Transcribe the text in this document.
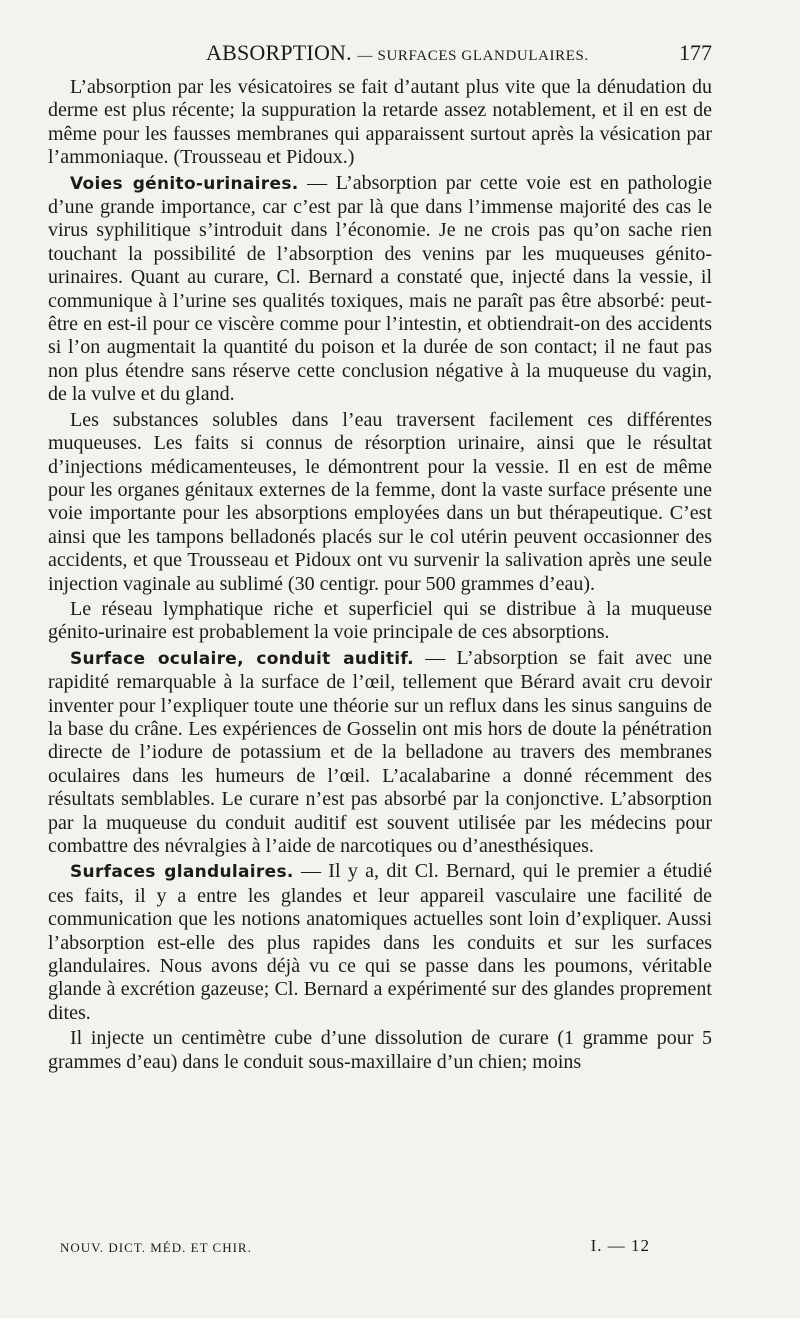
ABSORPTION. — SURFACES GLANDULAIRES.	177

L’absorption par les vésicatoires se fait d’autant plus vite que la dénudation du derme est plus récente; la suppuration la retarde assez notablement, et il en est de même pour les fausses membranes qui apparaissent surtout après la vésication par l’ammoniaque. (Trousseau et Pidoux.)

Voies génito-urinaires. — L’absorption par cette voie est en pathologie d’une grande importance, car c’est par là que dans l’immense majorité des cas le virus syphilitique s’introduit dans l’économie. Je ne crois pas qu’on sache rien touchant la possibilité de l’absorption des venins par les muqueuses génito-urinaires. Quant au curare, Cl. Bernard a constaté que, injecté dans la vessie, il communique à l’urine ses qualités toxiques, mais ne paraît pas être absorbé: peut-être en est-il pour ce viscère comme pour l’intestin, et obtiendrait-on des accidents si l’on augmentait la quantité du poison et la durée de son contact; il ne faut pas non plus étendre sans réserve cette conclusion négative à la muqueuse du vagin, de la vulve et du gland.

Les substances solubles dans l’eau traversent facilement ces différentes muqueuses. Les faits si connus de résorption urinaire, ainsi que le résultat d’injections médicamenteuses, le démontrent pour la vessie. Il en est de même pour les organes génitaux externes de la femme, dont la vaste surface présente une voie importante pour les absorptions employées dans un but thérapeutique. C’est ainsi que les tampons belladonés placés sur le col utérin peuvent occasionner des accidents, et que Trousseau et Pidoux ont vu survenir la salivation après une seule injection vaginale au sublimé (30 centigr. pour 500 grammes d’eau).

Le réseau lymphatique riche et superficiel qui se distribue à la muqueuse génito-urinaire est probablement la voie principale de ces absorptions.

Surface oculaire, conduit auditif. — L’absorption se fait avec une rapidité remarquable à la surface de l’œil, tellement que Bérard avait cru devoir inventer pour l’expliquer toute une théorie sur un reflux dans les sinus sanguins de la base du crâne. Les expériences de Gosselin ont mis hors de doute la pénétration directe de l’iodure de potassium et de la belladone au travers des membranes oculaires dans les humeurs de l’œil. L’acalabarine a donné récemment des résultats semblables. Le curare n’est pas absorbé par la conjonctive. L’absorption par la muqueuse du conduit auditif est souvent utilisée par les médecins pour combattre des névralgies à l’aide de narcotiques ou d’anesthésiques.

Surfaces glandulaires. — Il y a, dit Cl. Bernard, qui le premier a étudié ces faits, il y a entre les glandes et leur appareil vasculaire une facilité de communication que les notions anatomiques actuelles sont loin d’expliquer. Aussi l’absorption est-elle des plus rapides dans les conduits et sur les surfaces glandulaires. Nous avons déjà vu ce qui se passe dans les poumons, véritable glande à excrétion gazeuse; Cl. Bernard a expérimenté sur des glandes proprement dites.

Il injecte un centimètre cube d’une dissolution de curare (1 gramme pour 5 grammes d’eau) dans le conduit sous-maxillaire d’un chien; moins

NOUV. DICT. MÉD. ET CHIR.	I. — 12
